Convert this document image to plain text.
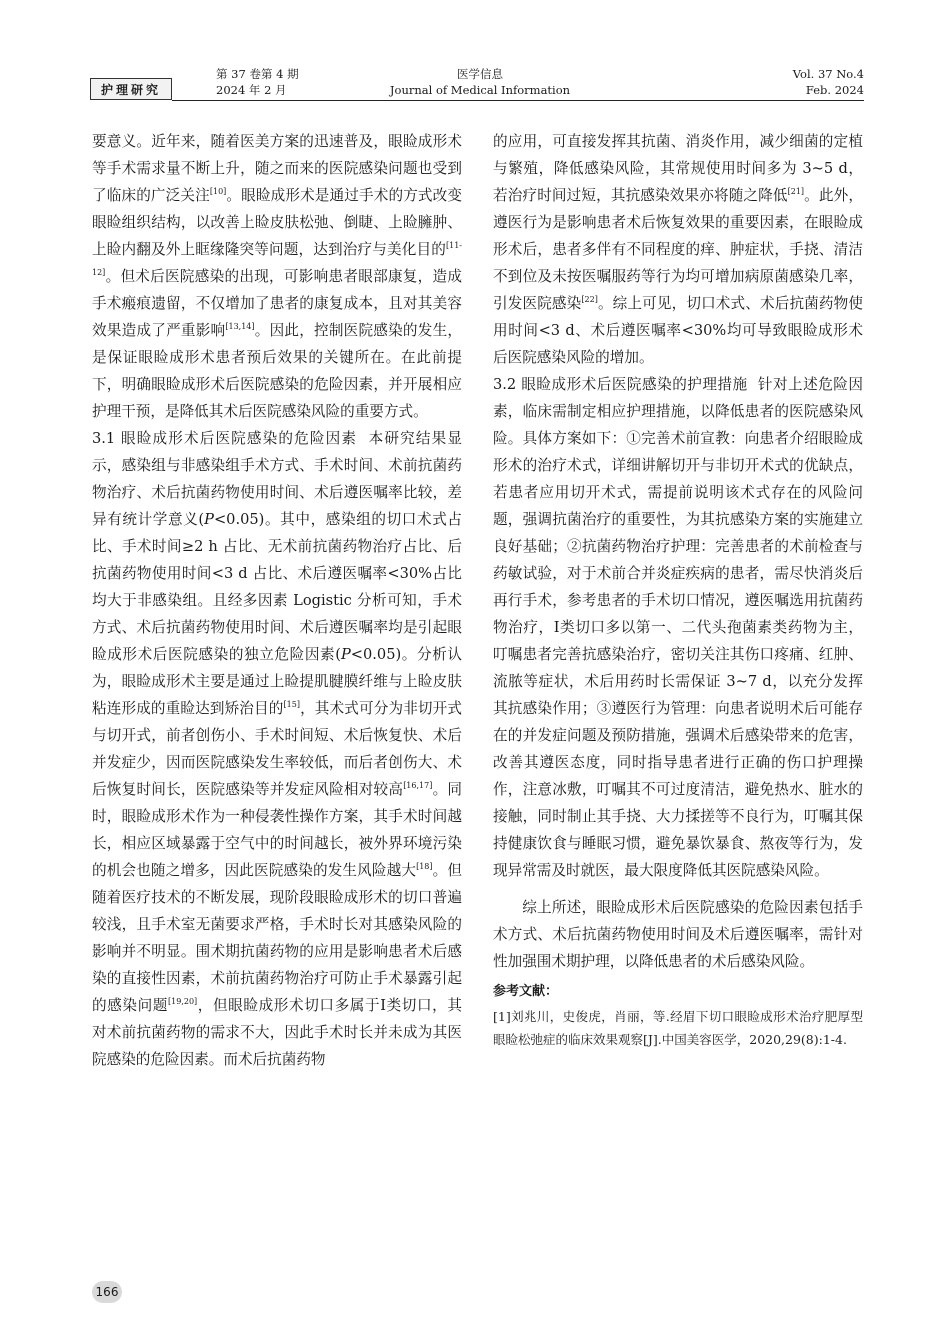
护理研究
第 37 卷第 4 期
2024 年 2 月
医学信息
Journal of Medical Information
Vol. 37 No.4
Feb. 2024

要意义。近年来，随着医美方案的迅速普及，眼睑成形术等手术需求量不断上升，随之而来的医院感染问题也受到了临床的广泛关注[10]。眼睑成形术是通过手术的方式改变眼睑组织结构，以改善上睑皮肤松弛、倒睫、上睑臃肿、上睑内翻及外上眶缘隆突等问题，达到治疗与美化目的[11-12]。但术后医院感染的出现，可影响患者眼部康复，造成手术瘢痕遗留，不仅增加了患者的康复成本，且对其美容效果造成了严重影响[13,14]。因此，控制医院感染的发生，是保证眼睑成形术患者预后效果的关键所在。在此前提下，明确眼睑成形术后医院感染的危险因素，并开展相应护理干预，是降低其术后医院感染风险的重要方式。

3.1 眼睑成形术后医院感染的危险因素  本研究结果显示，感染组与非感染组手术方式、手术时间、术前抗菌药物治疗、术后抗菌药物使用时间、术后遵医嘱率比较，差异有统计学意义(P<0.05)。其中，感染组的切口术式占比、手术时间≥2 h 占比、无术前抗菌药物治疗占比、后抗菌药物使用时间<3 d 占比、术后遵医嘱率<30%占比均大于非感染组。且经多因素 Logistic 分析可知，手术方式、术后抗菌药物使用时间、术后遵医嘱率均是引起眼睑成形术后医院感染的独立危险因素(P<0.05)。分析认为，眼睑成形术主要是通过上睑提肌腱膜纤维与上睑皮肤粘连形成的重睑达到矫治目的[15]，其术式可分为非切开式与切开式，前者创伤小、手术时间短、术后恢复快、术后并发症少，因而医院感染发生率较低，而后者创伤大、术后恢复时间长，医院感染等并发症风险相对较高[16,17]。同时，眼睑成形术作为一种侵袭性操作方案，其手术时间越长，相应区域暴露于空气中的时间越长，被外界环境污染的机会也随之增多，因此医院感染的发生风险越大[18]。但随着医疗技术的不断发展，现阶段眼睑成形术的切口普遍较浅，且手术室无菌要求严格，手术时长对其感染风险的影响并不明显。围术期抗菌药物的应用是影响患者术后感染的直接性因素，术前抗菌药物治疗可防止手术暴露引起的感染问题[19,20]，但眼睑成形术切口多属于Ⅰ类切口，其对术前抗菌药物的需求不大，因此手术时长并未成为其医院感染的危险因素。而术后抗菌药物

的应用，可直接发挥其抗菌、消炎作用，减少细菌的定植与繁殖，降低感染风险，其常规使用时间多为 3~5 d，若治疗时间过短，其抗感染效果亦将随之降低[21]。此外，遵医行为是影响患者术后恢复效果的重要因素，在眼睑成形术后，患者多伴有不同程度的痒、肿症状，手挠、清洁不到位及未按医嘱服药等行为均可增加病原菌感染几率，引发医院感染[22]。综上可见，切口术式、术后抗菌药物使用时间<3 d、术后遵医嘱率<30%均可导致眼睑成形术后医院感染风险的增加。

3.2 眼睑成形术后医院感染的护理措施  针对上述危险因素，临床需制定相应护理措施，以降低患者的医院感染风险。具体方案如下：①完善术前宣教：向患者介绍眼睑成形术的治疗术式，详细讲解切开与非切开术式的优缺点，若患者应用切开术式，需提前说明该术式存在的风险问题，强调抗菌治疗的重要性，为其抗感染方案的实施建立良好基础；②抗菌药物治疗护理：完善患者的术前检查与药敏试验，对于术前合并炎症疾病的患者，需尽快消炎后再行手术，参考患者的手术切口情况，遵医嘱选用抗菌药物治疗，Ⅰ类切口多以第一、二代头孢菌素类药物为主，叮嘱患者完善抗感染治疗，密切关注其伤口疼痛、红肿、流脓等症状，术后用药时长需保证 3~7 d，以充分发挥其抗感染作用；③遵医行为管理：向患者说明术后可能存在的并发症问题及预防措施，强调术后感染带来的危害，改善其遵医态度，同时指导患者进行正确的伤口护理操作，注意冰敷，叮嘱其不可过度清洁，避免热水、脏水的接触，同时制止其手挠、大力揉搓等不良行为，叮嘱其保持健康饮食与睡眠习惯，避免暴饮暴食、熬夜等行为，发现异常需及时就医，最大限度降低其医院感染风险。

综上所述，眼睑成形术后医院感染的危险因素包括手术方式、术后抗菌药物使用时间及术后遵医嘱率，需针对性加强围术期护理，以降低患者的术后感染风险。

参考文献：

[1]刘兆川，史俊虎，肖丽，等.经眉下切口眼睑成形术治疗肥厚型眼睑松弛症的临床效果观察[J].中国美容医学，2020,29(8):1-4.

166
